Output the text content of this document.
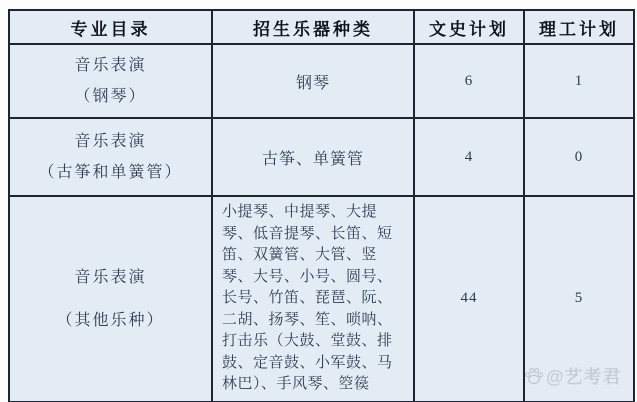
专业目录	招生乐器种类	文史计划	理工计划

音乐表演
（钢琴）	钢琴	6	1

音乐表演
（古筝和单簧管）	古筝、单簧管	4	0

音乐表演
（其他乐种）	小提琴、中提琴、大提琴、低音提琴、长笛、短笛、双簧管、大管、竖琴、大号、小号、圆号、长号、竹笛、琵琶、阮、二胡、扬琴、笙、唢呐、打击乐（大鼓、堂鼓、排鼓、定音鼓、小军鼓、马林巴）、手风琴、箜篌	44	5
@艺考君
